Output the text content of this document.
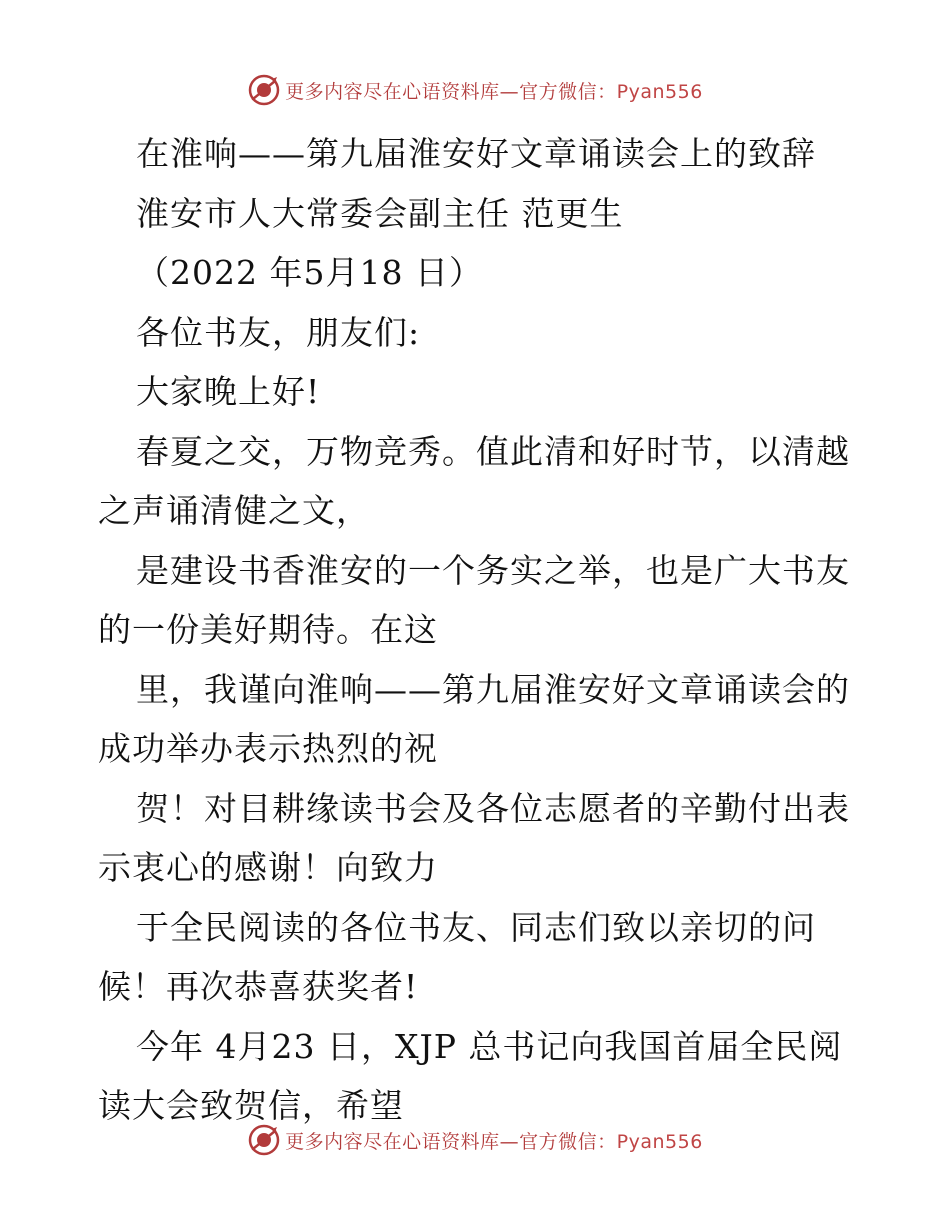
更多内容尽在心语资料库—官方微信：Pyan556
在淮响——第九届淮安好文章诵读会上的致辞
淮安市人大常委会副主任 范更生
（2022 年5月18 日）
各位书友，朋友们:
大家晚上好!
春夏之交，万物竞秀。值此清和好时节，以清越
之声诵清健之文，
是建设书香淮安的一个务实之举，也是广大书友
的一份美好期待。在这
里，我谨向淮响——第九届淮安好文章诵读会的
成功举办表示热烈的祝
贺！对目耕缘读书会及各位志愿者的辛勤付出表
示衷心的感谢！向致力
于全民阅读的各位书友、同志们致以亲切的问
候！再次恭喜获奖者!
今年 4月23 日，XJP 总书记向我国首届全民阅
读大会致贺信，希望
更多内容尽在心语资料库—官方微信：Pyan556
